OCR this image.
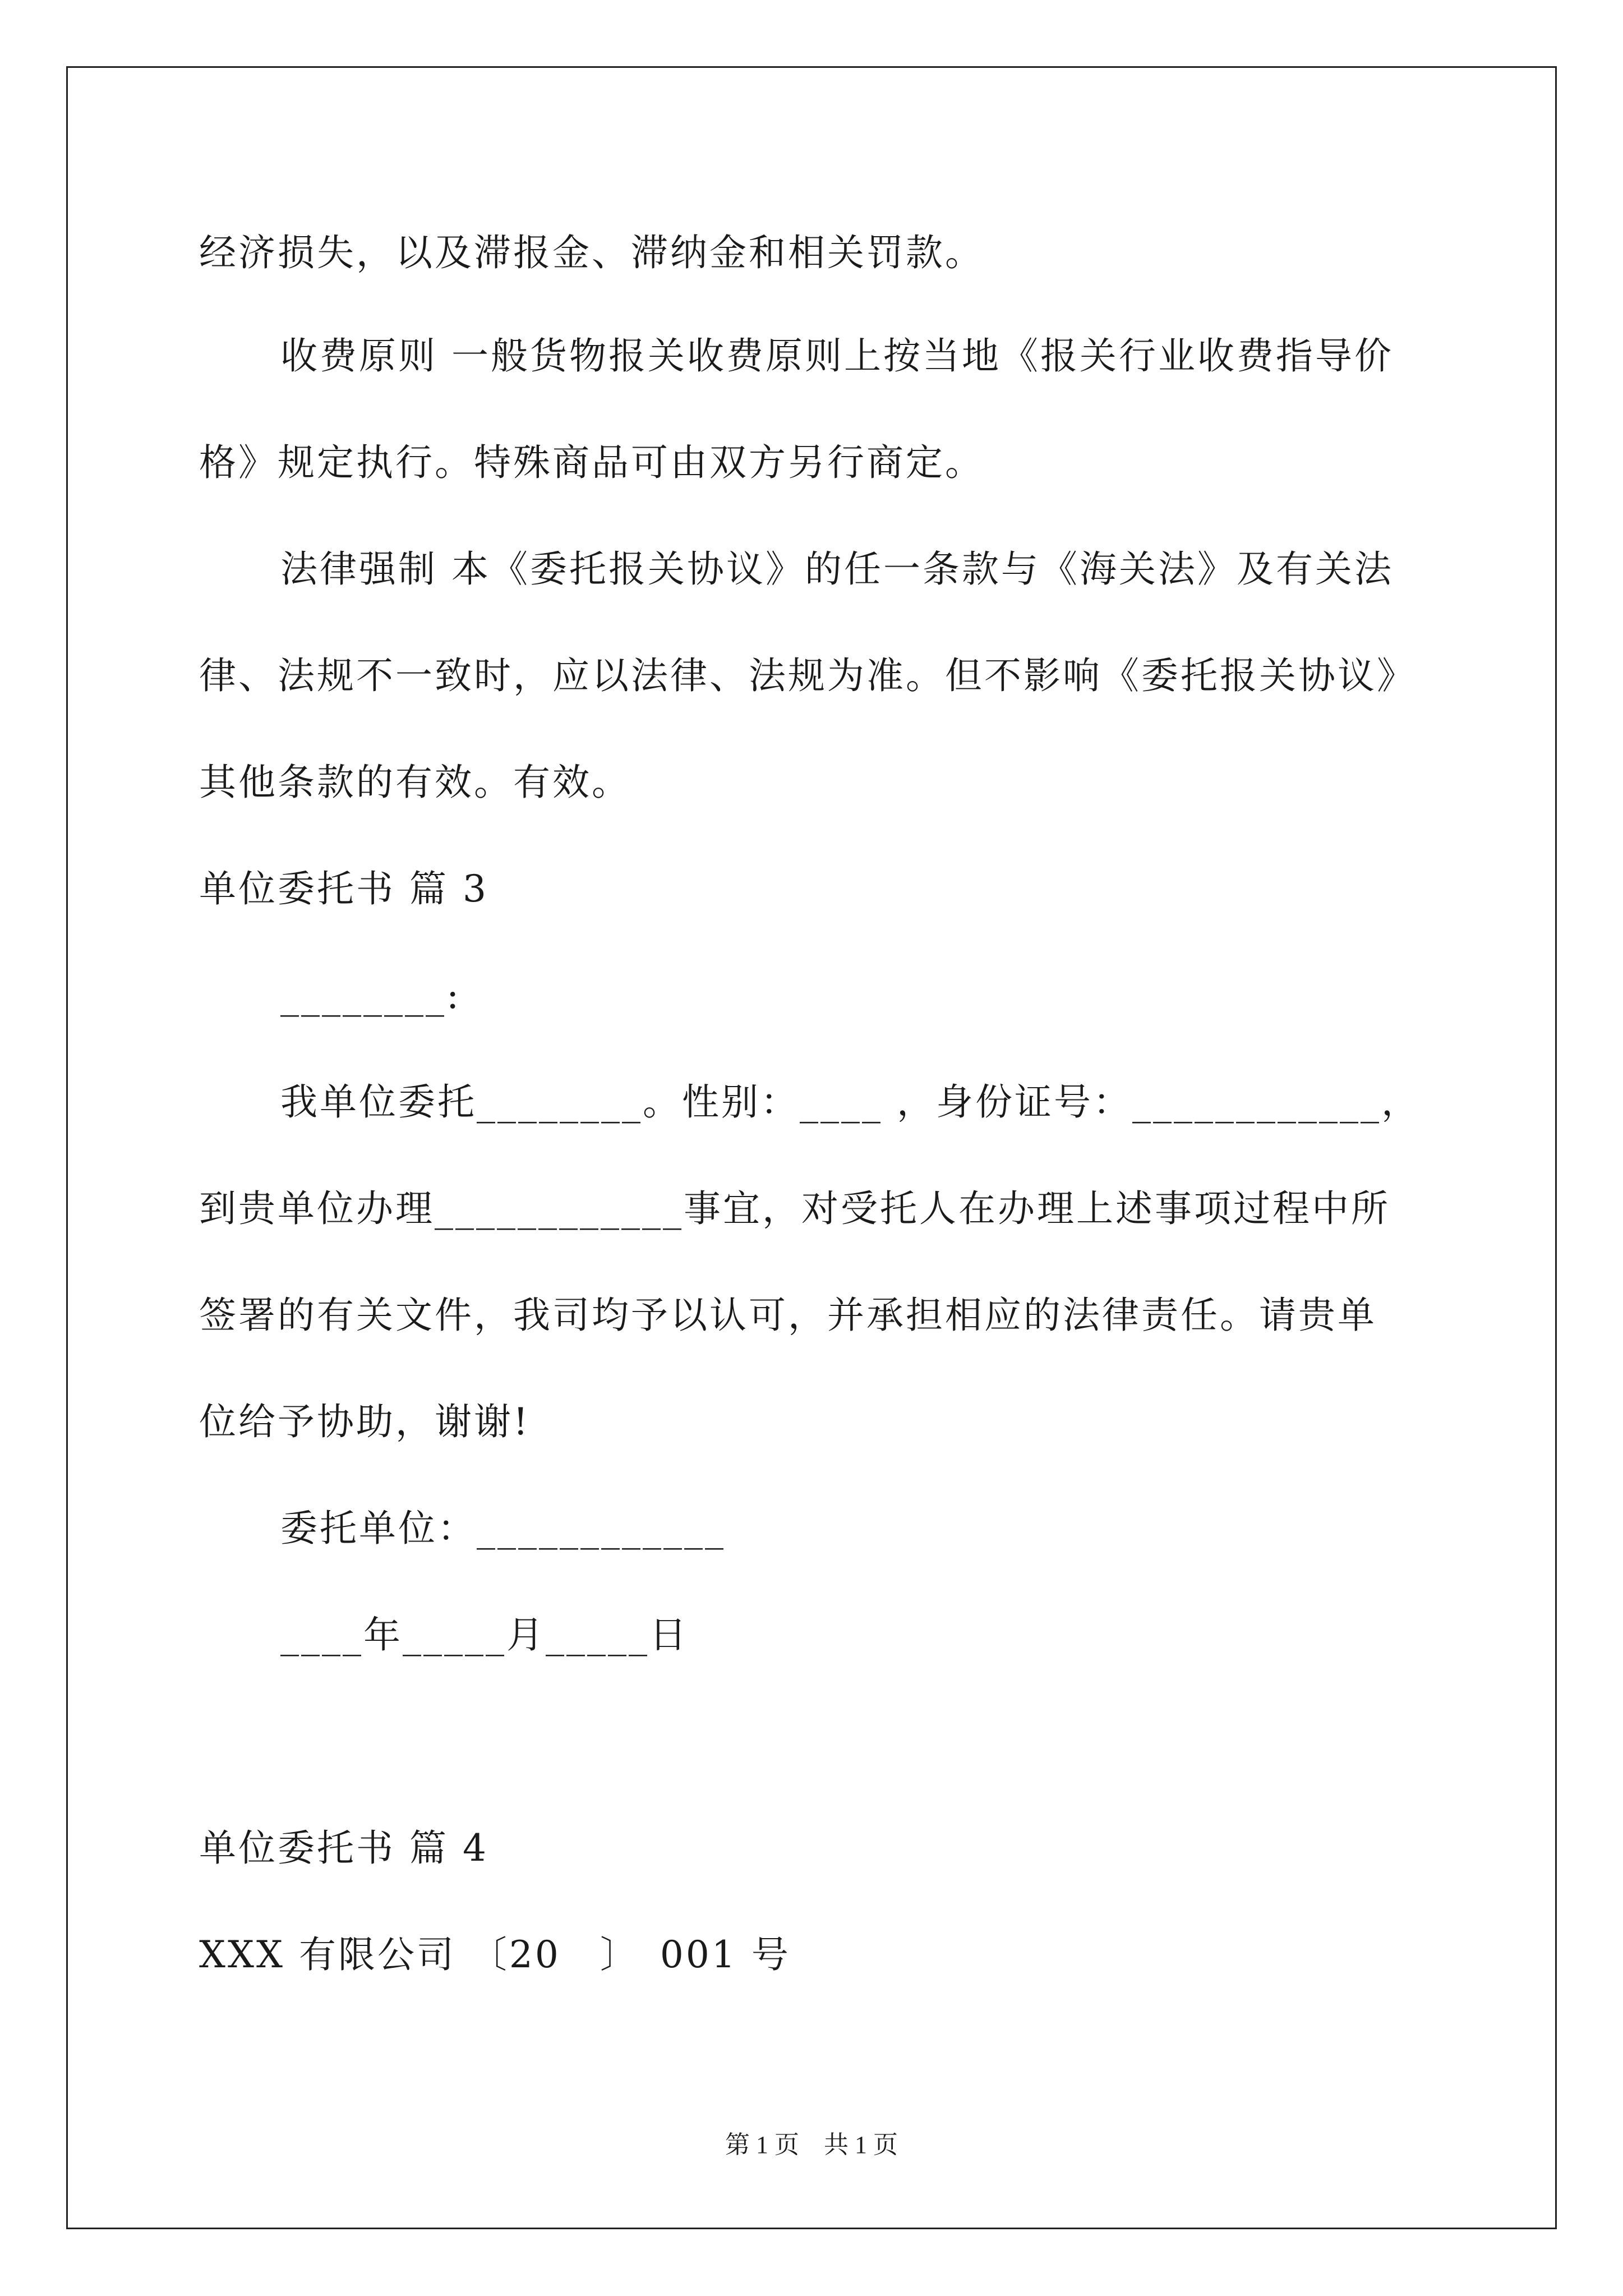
经济损失，以及滞报金、滞纳金和相关罚款。
收费原则 一般货物报关收费原则上按当地《报关行业收费指导价
格》规定执行。特殊商品可由双方另行商定。
法律强制 本《委托报关协议》的任一条款与《海关法》及有关法
律、法规不一致时，应以法律、法规为准。但不影响《委托报关协议》
其他条款的有效。有效。
单位委托书 篇 3
________:
我单位委托________。性别：____ ，身份证号：____________，
到贵单位办理____________事宜，对受托人在办理上述事项过程中所
签署的有关文件，我司均予以认可，并承担相应的法律责任。请贵单
位给予协助，谢谢!
委托单位：____________
____年_____月_____日
单位委托书 篇 4
XXX 有限公司 〔20　〕　001 号
第 1 页　共 1 页
